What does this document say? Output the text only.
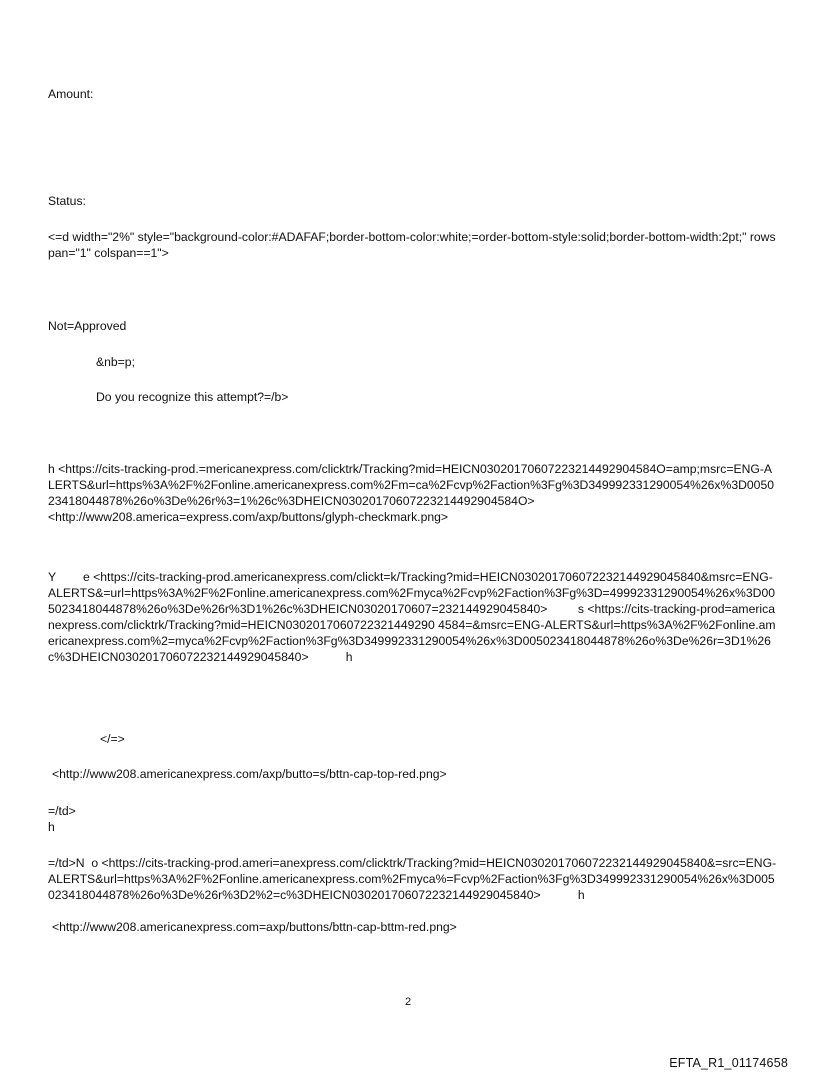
Amount:

Status:

<=d width="2%" style="background-color:#ADAFAF;border-bottom-color:white;=order-bottom-style:solid;border-bottom-width:2pt;" rowspan="1" colspan==1">

Not=Approved

&nb=p;

Do you recognize this attempt?=/b>

h <https://cits-tracking-prod.=mericanexpress.com/clicktrk/Tracking?mid=HEICN03020170607223214492904584O=amp;msrc=ENG-ALERTS&url=https%3A%2F%2Fonline.americanexpress.com%2Fm=ca%2Fcvp%2Faction%3Fg%3D349992331290054%26x%3D005023418044878%26o%3De%26r%3=1%26c%3DHEICN03020170607223214492904584O>
<http://www208.america=express.com/axp/buttons/glyph-checkmark.png>

Y        e <https://cits-tracking-prod.americanexpress.com/clickt=k/Tracking?mid=HEICN030201706072232144929045840&msrc=ENG-ALERTS&=url=https%3A%2F%2Fonline.americanexpress.com%2Fmyca%2Fcvp%2Faction%3Fg%3D=49992331290054%26x%3D005023418044878%26o%3De%26r%3D1%26c%3DHEICN03020170607=232144929045840>         s <https://cits-tracking-prod=americanexpress.com/clicktrk/Tracking?mid=HEICN0302017060722321449290 4584=&msrc=ENG-ALERTS&url=https%3A%2F%2Fonline.americanexpress.com%2=myca%2Fcvp%2Faction%3Fg%3D349992331290054%26x%3D005023418044878%26o%3De%26r=3D1%26c%3DHEICN030201706072232144929045840>           h

</=>

<http://www208.americanexpress.com/axp/butto=s/bttn-cap-top-red.png>

=/td>

h

=/td>N  o <https://cits-tracking-prod.ameri=anexpress.com/clicktrk/Tracking?mid=HEICN030201706072232144929045840&=src=ENG-ALERTS&url=https%3A%2F%2Fonline.americanexpress.com%2Fmyca%=Fcvp%2Faction%3Fg%3D349992331290054%26x%3D005023418044878%26o%3De%26r%3D2%2=c%3DHEICN030201706072232144929045840>           h

<http://www208.americanexpress.com=axp/buttons/bttn-cap-bttm-red.png>

2
EFTA_R1_01174658
